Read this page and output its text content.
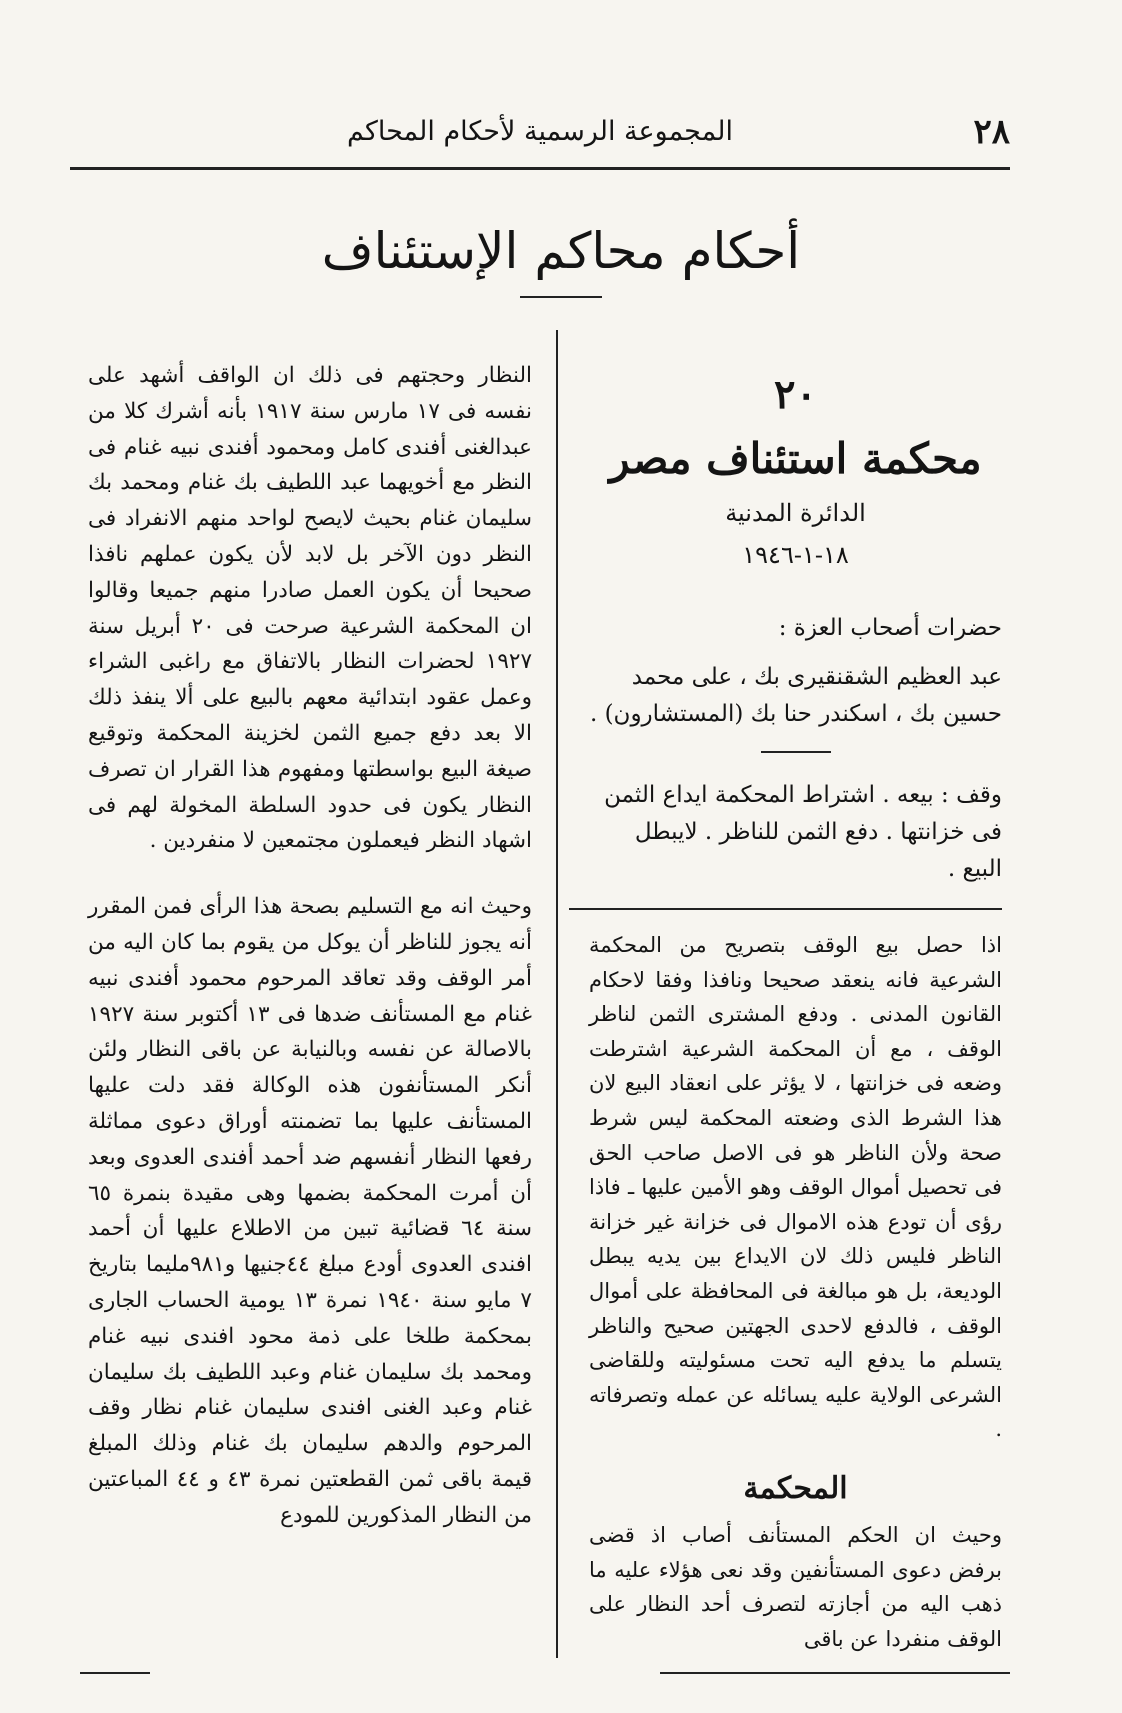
٢٨
المجموعة الرسمية لأحكام المحاكم
أحكام محاكم الإستئناف
٢٠
محكمة استئناف مصر
الدائرة المدنية
١٨-١-١٩٤٦
حضرات أصحاب العزة :
عبد العظيم الشقنقيرى بك ، على محمد حسين بك ، اسكندر حنا بك (المستشارون) .
وقف : بيعه . اشتراط المحكمة ايداع الثمن فى خزانتها . دفع الثمن للناظر . لايبطل البيع .
اذا حصل بيع الوقف بتصريح من المحكمة الشرعية فانه ينعقد صحيحا ونافذا وفقا لاحكام القانون المدنى . ودفع المشترى الثمن لناظر الوقف ، مع أن المحكمة الشرعية اشترطت وضعه فى خزانتها ، لا يؤثر على انعقاد البيع لان هذا الشرط الذى وضعته المحكمة ليس شرط صحة ولأن الناظر هو فى الاصل صاحب الحق فى تحصيل أموال الوقف وهو الأمين عليها ـ فاذا رؤى أن تودع هذه الاموال فى خزانة غير خزانة الناظر فليس ذلك لان الايداع بين يديه يبطل الوديعة، بل هو مبالغة فى المحافظة على أموال الوقف ، فالدفع لاحدى الجهتين صحيح والناظر يتسلم ما يدفع اليه تحت مسئوليته وللقاضى الشرعى الولاية عليه يسائله عن عمله وتصرفاته .
المحكمة
وحيث ان الحكم المستأنف أصاب اذ قضى برفض دعوى المستأنفين وقد نعى هؤلاء عليه ما ذهب اليه من أجازته لتصرف أحد النظار على الوقف منفردا عن باقى
النظار وحجتهم فى ذلك ان الواقف أشهد على نفسه فى ١٧ مارس سنة ١٩١٧ بأنه أشرك كلا من عبدالغنى أفندى كامل ومحمود أفندى نبيه غنام فى النظر مع أخويهما عبد اللطيف بك غنام ومحمد بك سليمان غنام بحيث لايصح لواحد منهم الانفراد فى النظر دون الآخر بل لابد لأن يكون عملهم نافذا صحيحا أن يكون العمل صادرا منهم جميعا وقالوا ان المحكمة الشرعية صرحت فى ٢٠ أبريل سنة ١٩٢٧ لحضرات النظار بالاتفاق مع راغبى الشراء وعمل عقود ابتدائية معهم بالبيع على ألا ينفذ ذلك الا بعد دفع جميع الثمن لخزينة المحكمة وتوقيع صيغة البيع بواسطتها ومفهوم هذا القرار ان تصرف النظار يكون فى حدود السلطة المخولة لهم فى اشهاد النظر فيعملون مجتمعين لا منفردين .
وحيث انه مع التسليم بصحة هذا الرأى فمن المقرر أنه يجوز للناظر أن يوكل من يقوم بما كان اليه من أمر الوقف وقد تعاقد المرحوم محمود أفندى نبيه غنام مع المستأنف ضدها فى ١٣ أكتوبر سنة ١٩٢٧ بالاصالة عن نفسه وبالنيابة عن باقى النظار ولئن أنكر المستأنفون هذه الوكالة فقد دلت عليها المستأنف عليها بما تضمنته أوراق دعوى مماثلة رفعها النظار أنفسهم ضد أحمد أفندى العدوى وبعد أن أمرت المحكمة بضمها وهى مقيدة بنمرة ٦٥ سنة ٦٤ قضائية تبين من الاطلاع عليها أن أحمد افندى العدوى أودع مبلغ ٤٤جنيها و٩٨١مليما بتاريخ ٧ مايو سنة ١٩٤٠ نمرة ١٣ يومية الحساب الجارى بمحكمة طلخا على ذمة محود افندى نبيه غنام ومحمد بك سليمان غنام وعبد اللطيف بك سليمان غنام وعبد الغنى افندى سليمان غنام نظار وقف المرحوم والدهم سليمان بك غنام وذلك المبلغ قيمة باقى ثمن القطعتين نمرة ٤٣ و ٤٤ المباعتين من النظار المذكورين للمودع
